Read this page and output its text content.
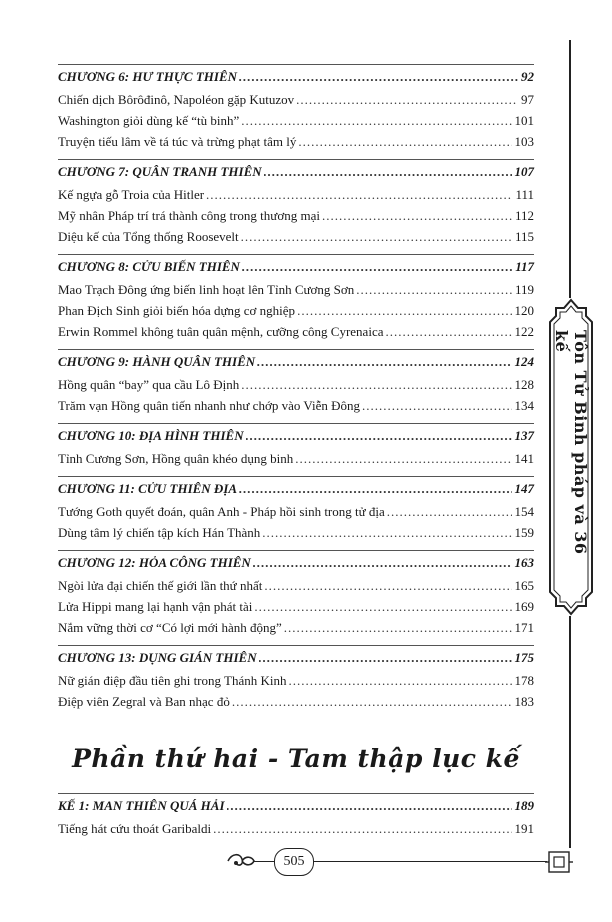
CHƯƠNG 6: HƯ THỰC THIÊN .....	92
Chiến dịch Bôrôđinô, Napoléon gặp Kutuzov .....	97
Washington giỏi dùng kế “tù binh” .....	101
Truyện tiếu lâm về tá túc và trừng phạt tâm lý .....	103
CHƯƠNG 7: QUÂN TRANH THIÊN .....	107
Kế ngựa gỗ Troia của Hitler .....	111
Mỹ nhân Pháp trí trá thành công trong thương mại .....	112
Diệu kế của Tổng thống Roosevelt .....	115
CHƯƠNG 8: CỬU BIẾN THIÊN .....	117
Mao Trạch Đông ứng biến linh hoạt lên Tỉnh Cương Sơn .....	119
Phan Địch Sinh giỏi biến hóa dựng cơ nghiệp .....	120
Erwin Rommel không tuân quân mệnh, cưỡng công Cyrenaica .....	122
CHƯƠNG 9: HÀNH QUÂN THIÊN .....	124
Hồng quân “bay” qua cầu Lô Định .....	128
Trăm vạn Hồng quân tiến nhanh như chớp vào Viễn Đông .....	134
CHƯƠNG 10: ĐỊA HÌNH THIÊN .....	137
Tỉnh Cương Sơn, Hồng quân khéo dụng binh .....	141
CHƯƠNG 11: CỬU THIÊN ĐỊA .....	147
Tướng Goth quyết đoán, quân Anh - Pháp hồi sinh trong tử địa .....	154
Dùng tâm lý chiến tập kích Hán Thành .....	159
CHƯƠNG 12: HỎA CÔNG THIÊN .....	163
Ngòi lửa đại chiến thế giới lần thứ nhất .....	165
Lửa Hippi mang lại hạnh vận phát tài .....	169
Nắm vững thời cơ “Có lợi mới hành động” .....	171
CHƯƠNG 13: DỤNG GIÁN THIÊN .....	175
Nữ gián điệp đầu tiên ghi trong Thánh Kinh .....	178
Điệp viên Zegral và Ban nhạc đỏ .....	183
Phần thứ hai - Tam thập lục kế
KẾ 1: MAN THIÊN QUÁ HẢI .....	189
Tiếng hát cứu thoát Garibaldi .....	191
Tôn Tử Binh pháp và 36 kế
505
